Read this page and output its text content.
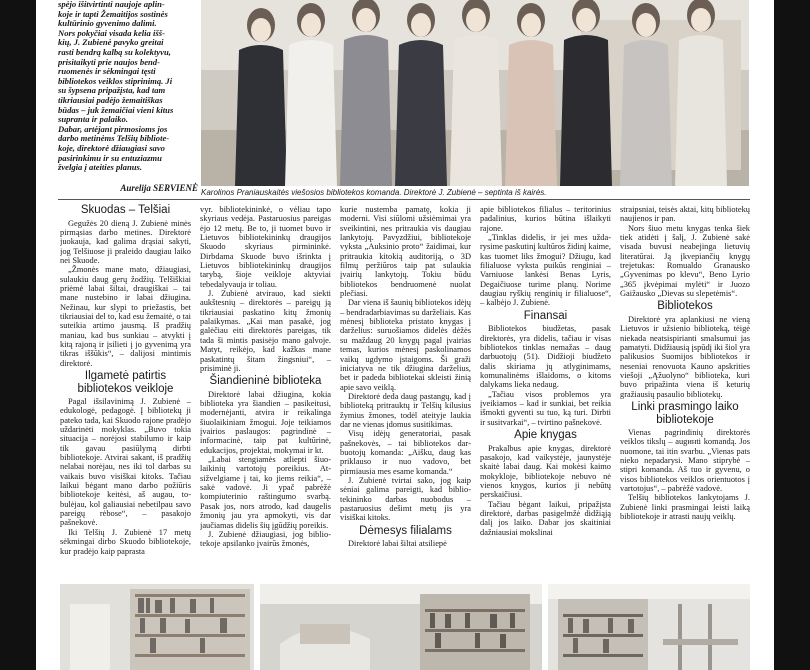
spėjo išitvirtinti naujoje aplin-

koje ir tapti Žemaitijos sostinės

kultūrinio gyvenimo dalimi.

Nors pokyčiai visada kelia išš-

kių, J. Zubienė pavyko greitai

rasti bendrą kalbą su kolektyvu,

prisitaikyti prie naujos bend-

ruomenės ir sėkmingai tęsti

bibliotekos veiklos stiprinimą. Ji

su šypsena pripažįsta, kad tam

tikriausiai padėjo žemaitiškas

būdas – juk žemaičiai vieni kitus

supranta ir palaiko.

Dabar, artėjant pirmosioms jos

darbo metinėms Telšių bibliote-

koje, direktorė džiaugiasi savo

pasirinkimu ir su entuziazmu

žvelgia į ateities planus.

Aurelija SERVIENĖ Karolinos Praniauskaitės viešosios bibliotekos komanda. Direktorė J. Zubienė – septinta iš kairės.
Skuodas – Telšiai

Gegužės 20 dieną J. Zubienė minės pirmąsias darbo metines. Direktorė juokauja, kad galima drąsiai sakyti, jog Telšiuose ji praleido daugiau laiko nei Skuode.

„Žmonės mane mato, džiaugiasi, sulaukiu daug gerų žodžių. Telšiškiai priėmė labai šiltai, draugiškai – tai mane nustebino ir labai džiugina. Nežinau, kur slypi to priežastis, bet tikriausiai del to, kad esu žemaitė, o tai suteikia artimo jausmą. Iš pradžių maniau, kad bus sunkiau – atvykti į kitą rajoną ir įsilieti į jo gyvenimą yra tikras iššūkis“, – dalijosi mintimis direktorė.

Ilgametė patirtis bibliotekos veikloje

Pagal išsilavinimą J. Zubienė – edukologė, pedagogė. Į bibliotekų ji pateko tada, kai Skuodo rajone pradėjo uždarinėti mokyklas. „Buvo tokia situacija – norėjosi stabilumo ir kaip tik gavau pasiūlymą dirbti bibliotekoje. Atvirai sakant, iš pradžių nelabai norėjau, nes iki tol darbas su vaikais buvo visiškai kitoks. Tačiau laikui bėgant mano darbo požiūris bibliotekoje keitėsi, aš augau, tobulėjau, kol galiausiai nebetilpau savo pareigų rėbose“, – pasakojo pašnekovė.

Iki Telšių J. Zubienė 17 metų sėkmingai dirbo Skuodo bibliotekoje, kur pradėjo kaip paprasta

vyr. bibliotekininkė, o vėliau tapo skyriaus vedėja. Pastaruosius pareigas ėjo 12 metų. Be to, ji tuomet buvo ir Lietuvos bibliotekininkų draugijos Skuodo skyriaus pirmininkė. Dirbdama Skuode buvo išrinkta į Lietuvos bibliotekininkų draugijos tarybą, šioje veikloje aktyviai tebedalyvauja ir toliau.

J. Zubienė atvirauo, kad siekti aukštesnių – direktorės – pareigų ją tikriausiai paskatino kitų žmonių palaikymas. „Kai man pasakė, jog galėčiau eiti direktorės pareigas, tik tada ši mintis pasisėjo mano galvoje. Matyt, reikėjo, kad kažkas mane paskatintų šitam žingsniui“, – prisiminė ji.

Šiandieninė biblioteka

Direktorė labai džiugina, kokia biblioteka yra šiandien – pasikeitusi, modernėjanti, atvira ir reikalinga šiuolaikiniam žmogui. Joje teikiamos įvairios paslaugos: pagrindinė – informacinė, taip pat kultūrinė, edukacijos, projektai, mokymai ir kt.

„Labai stengiamės atliepti šiuolaikinių vartotojų poreikius. Atsižvelgiame į tai, ko jiems reikia“, – sakė vadovė. Ji ypač pabrėžė kompiuterinio raštingumo svarbą. Pasak jos, nors atrodo, kad daugelis žmonių jau yra apmokyti, vis dar jaučiamas didelis šių įgūdžių poreikis.

J. Zubienė džiaugiasi, jog bibliotekoje apsilanko įvairūs žmonės,

kurie nustemba pamatę, kokia ji moderni. Visi siūlomi užsiėmimai yra sveikintini, nes pritraukia vis daugiau lankytojų. Pavyzdžiui, bibliotekoje vyksta „Auksinio proto“ žaidimai, kur pritraukia kitokią auditoriją, o 3D filmų peržiūros taip pat sulaukia įvairių lankytojų. Tokiu būdu bibliotekos bendruomenė nuolat plečiasi.

Dar viena iš šaunių bibliotekos idėjų – bendradarbiavimas su darželiais. Kas mėnesį biblioteka pristato knygas į darželius: suruošiamos didelės dėžės su maždaug 20 knygų pagal įvairias temas, kurios mėnesį paskolinamos vaikų ugdymo įstaigoms. Ši graži iniciatyva ne tik džiugina darželius, bet ir padeda bibliotekai skleisti žinią apie savo veiklą.

Direktorė deda daug pastangų, kad į biblioteką pritrauktų ir Telšių kilusius žymius žmones, todėl ateityje laukia dar ne vienas įdomus susitikimas.

Visų idėjų generatoriai, pasak pašnekovės, – tai bibliotekos darbuotojų komanda: „Aišku, daug kas priklauso ir nuo vadovo, bet pirmiausia mes esame komanda.“

J. Zubienė tvirtai sako, jog kaip sėniai galima pareigti, kad bibliotekininko darbas nuobodus – pastaruosius dešimt metų jis yra visiškai kitoks.

Dėmesys filialams

Direktorė labai šiltai atsiliepė

apie bibliotekos filialus – teritorinius padalinius, kurios būtina išlaikyti rajone.

„Tinklas didelis, ir jei mes uždarysime paskutinį kultūros židinį kaime, kas tuomet liks žmogui? Džiugu, kad filialuose vyksta puikūs renginiai – Varniuose lankėsi Benas Lyris, Degaičiuose turime planų. Norime daugiau ryškių renginių ir filialuose“, – kalbėjo J. Zubienė.

Finansai

Bibliotekos biudžetas, pasak direktorės, yra didelis, tačiau ir visas bibliotekos tinklas nemažas – daug darbuotojų (51). Didžioji biudžeto dalis skiriama jų atlyginimams, komunalinėms išlaidoms, o kitoms dalykams lieka nedaug.

„Tačiau visos problemos yra įveikiamos – kad ir sunkiai, bet reikia išmokti gyventi su tuo, ką turi. Dirbti ir susitvarkai“, – tvirtino pašnekovė.

Apie knygas

Prakalbus apie knygas, direktorė pasakojo, kad vaikystėje, jaunystėje skaitė labai daug. Kai mokėsi kaimo mokykloje, bibliotekoje nebuvo nė vienos knygos, kurios ji nebūtų perskaičiusi.

Tačiau bėgant laikui, pripažįsta direktorė, darbas pasigelmžė didžiąją dalį jos laiko. Dabar jos skaitiniai dažniausiai mokslinai

straipsniai, teisės aktai, kitų bibliotekų naujienos ir pan.

Nors šiuo metu knygas tenka šiek tiek atidėti į šalį, J. Zubienė sakė visada buvusi neabejinga lietuvių literatūrai. Ją įkvepiančių knygų trejetukas: Romualdo Granausko „Gyvenimas po klevu“, Beno Lyrio „365 įkvėpimai mylėti“ ir Juozo Gaižausko „Dievas su slepetėmis“.

Bibliotekos

Direktorė yra aplankiusi ne vieną Lietuvos ir užsienio biblioteką, tėigė niekada neatsispirianti smalsumui jas pamatyti. Didžiausią įspūdį iki šiol yra palikusios Suomijos bibliotekos ir neseniai renovuota Kauno apskrities viešoji „Ąžuolyno“ biblioteka, kuri buvo pripažinta viena iš keturių gražiausių pasaulio bibliotekų.

Linki prasmingo laiko bibliotekoje

Vienas pagrindinių direktorės veiklos tikslų – augинti komandą. Jos nuomone, tai itin svarbu. „Vienas pats nieko nepadarysi. Mano stiprybė – stipri komanda. Aš tuo ir gyvenu, o visos bibliotekos veiklos orientuotos į vartotojus“, – pabrėžė vadovė.

Telšių bibliotekos lankytojams J. Zubienė linki prasmingai leisti laiką bibliotekoje ir atrasti naujų veiklų.
